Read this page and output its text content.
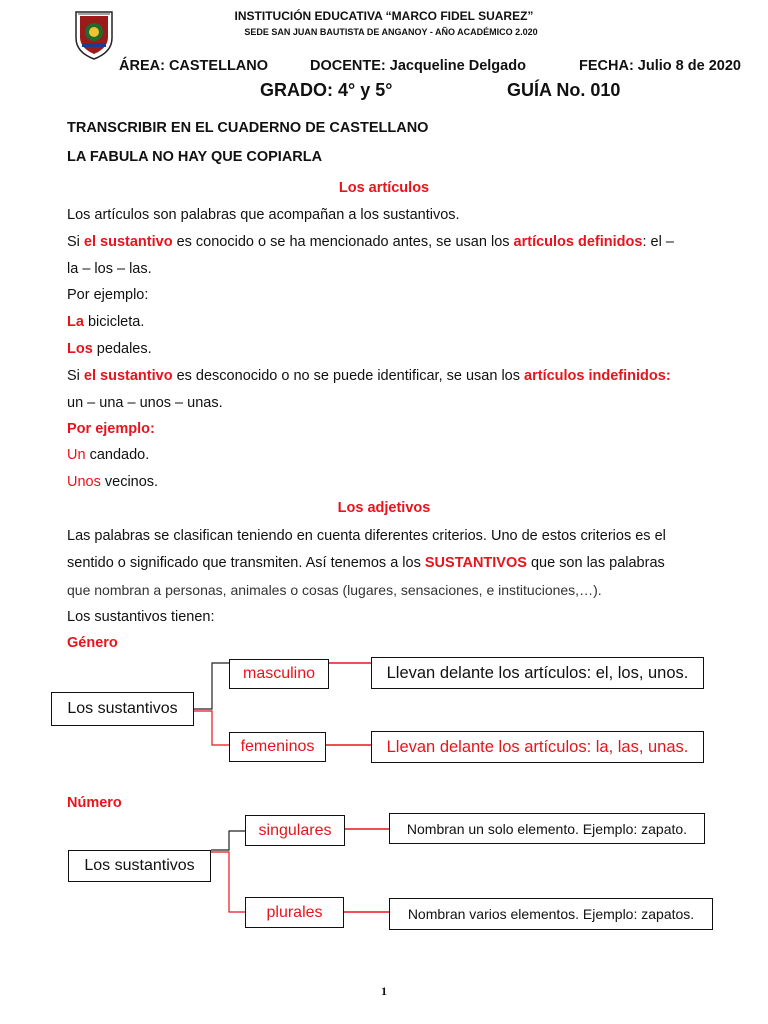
INSTITUCIÓN EDUCATIVA “MARCO FIDEL SUAREZ”
SEDE SAN JUAN BAUTISTA DE ANGANOY - AÑO ACADÉMICO 2.020
ÁREA: CASTELLANO	DOCENTE: Jacqueline Delgado	FECHA: Julio 8 de 2020
GRADO: 4° y 5°	GUÍA No. 010
TRANSCRIBIR EN EL CUADERNO DE CASTELLANO
LA FABULA NO HAY QUE COPIARLA
Los artículos
Los artículos son palabras que acompañan a los sustantivos.
Si el sustantivo es conocido o se ha mencionado antes, se usan los artículos definidos: el –
la – los – las.
Por ejemplo:
La bicicleta.
Los pedales.
Si el sustantivo es desconocido o no se puede identificar, se usan los artículos indefinidos:
un – una – unos – unas.
Por ejemplo:
Un candado.
Unos vecinos.
Los adjetivos
Las palabras se clasifican teniendo en cuenta diferentes criterios. Uno de estos criterios es el
sentido o significado que transmiten. Así tenemos a los SUSTANTIVOS que son las palabras
que nombran a personas, animales o cosas (lugares, sensaciones, e instituciones,…).
Los sustantivos tienen:
Género
Los sustantivos
masculino	Llevan delante los artículos: el, los, unos.
femeninos	Llevan delante los artículos: la, las, unas.
Número
Los sustantivos
singulares	Nombran un solo elemento. Ejemplo: zapato.
plurales	Nombran varios elementos. Ejemplo: zapatos.
1
